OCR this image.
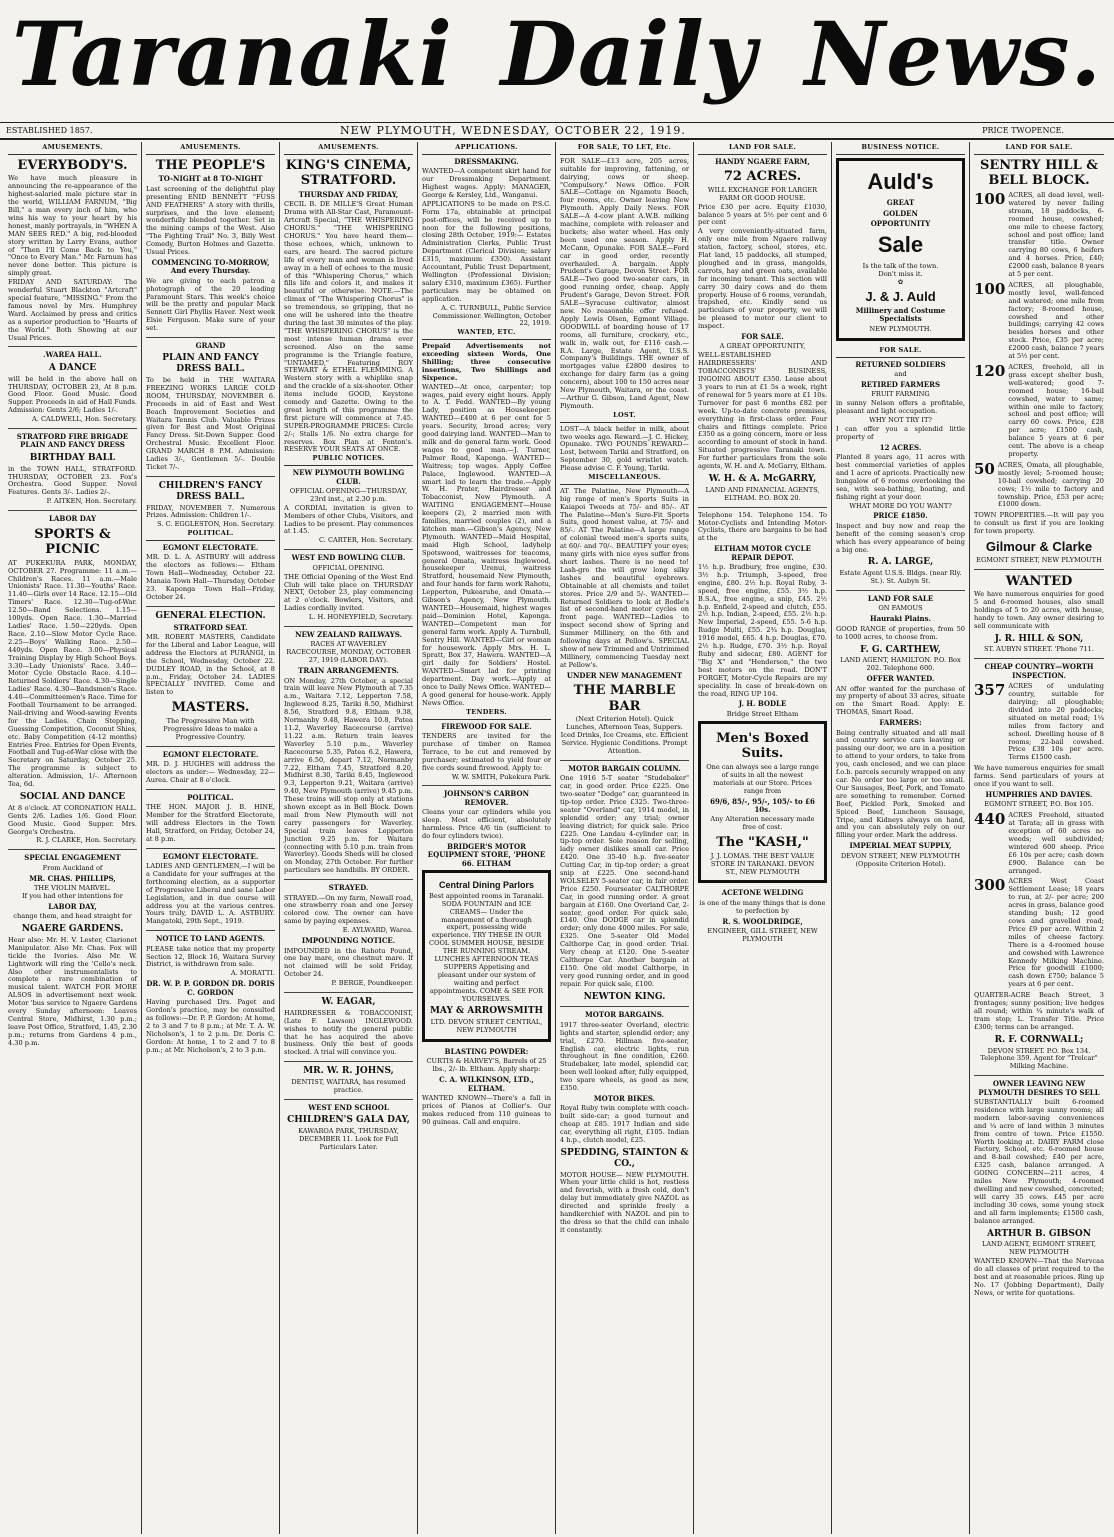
Taranaki Daily News.
ESTABLISHED 1857.	NEW PLYMOUTH, WEDNESDAY, OCTOBER 22, 1919.	PRICE TWOPENCE.
AMUSEMENTS.
EVERYBODY'S.
We have much pleasure in announcing the re-appearance of the highest-salaried male picture star in the world, WILLIAM FARNUM, "Big Bill," a man every inch of him, who wins his way to your heart by his honest, manly portrayals, in "WHEN A MAN SEES RED." A big, red-blooded story written by Larry Evans, author of "Then I'll Come Back to You," "Once to Every Man." Mr. Farnum has never done better. This picture is simply great.
FRIDAY AND SATURDAY: The wonderful Stuart Blackton "Artcraft" special feature, "MISSING." From the famous novel by Mrs. Humphrey Ward. Acclaimed by press and critics as a superior production to "Hearts of the World." Both Showing at our Usual Prices.
.WAREA HALL.
A DANCE
will be held in the above hall on THURSDAY, OCTOBER 23, At 8 p.m. Good Floor. Good Music. Good Supper. Proceeds in aid of Hall Funds. Admission: Gents 2/6; Ladies 1/-.
A. CALDWELL, Hon. Secretary.
STRATFORD FIRE BRIGADE PLAIN AND FANCY DRESS
BIRTHDAY BALL
in the TOWN HALL, STRATFORD. THURSDAY, OCTOBER 23. Fox's Orchestra. Good Supper. Novel Features. Gents 3/-. Ladies 2/-.
P. AITKEN, Hon. Secretary.
LABOR DAY
SPORTS & PICNIC
AT PUKEKURA PARK, MONDAY, OCTOBER 27. Programme: 11 a.m.—Children's Races. 11 a.m.—Male Unionists' Race. 11.30—Youths' Race. 11.40—Girls over 14 Race. 12.15—Old Timers' Race. 12.30—Tug-of-War. 12.50—Band Selections. 1.15—100yds. Open Race. 1.30—Married Ladies' Race. 1.50—220yds. Open Race. 2.10—Slow Motor Cycle Race. 2.25—Boys' Walking Race. 2.50—440yds. Open Race. 3.00—Physical Training Display by High School Boys. 3.30—Lady Unionists' Race. 3.40—Motor Cycle Obstacle Race. 4.10—Returned Soldiers' Race. 4.30—Single Ladies' Race. 4.30—Bandsmen's Race. 4.40—Committeemen's Race. Time for Football Tournament to be arranged. Nail-driving and Wood-sawing Events for the Ladies. Chain Stepping, Guessing Competition, Coconut Shies, etc. Baby Competition (4-12 months) Entries Free. Entries for Open Events, Football and Tug-of-War close with the Secretary on Saturday, October 25. The programme is subject to alteration. Admission, 1/-. Afternoon Tea, 6d.
SOCIAL AND DANCE
At 8 o'clock. AT CORONATION HALL. Gents 2/6. Ladies 1/6. Good Floor. Good Music. Good Supper. Mrs. George's Orchestra.
R. J. CLARKE, Hon. Secretary.
SPECIAL ENGAGEMENT
From Auckland of
MR. CHAS. PHILLIPS,
THE VIOLIN MARVEL.
If you had other intentions for
LABOR DAY,
change them, and head straight for
NGAERE GARDENS.
Hear also: Mr. H. V. Lester, Clarionet Manipulator. Also Mr. Chas. Fox will tickle the Ivories. Also Mr. W. Lightwork will ring the 'Cello's neck. Also other instrumentalists to complete a rare combination of musical talent. WATCH FOR MORE ALSOS in advertisement next week. Motor 'bus service to Ngaere Gardens every Sunday afternoon: Leaves Central Store, Midhirst, 1.30 p.m.; leave Post Office, Stratford, 1.45, 2.30 p.m.; returns from Gardens 4 p.m., 4.30 p.m.
AMUSEMENTS.
THE PEOPLE'S
TO-NIGHT at 8 TO-NIGHT
Last screening of the delightful play presenting ENID BENNETT "FUSS AND FEATHERS" A story with thrills, surprises, and the love element; wonderfully blended together. Set in the mining camps of the West. Also "The Fighting Trail" No. 3, Billy West Comedy, Burton Holmes and Gazette. Usual Prices.
COMMENCING TO-MORROW, And every Thursday.
We are giving to each patron a photograph of the 20 leading Paramount Stars. This week's choice will be the pretty and popular Mack Sennett Girl Phyllis Haver. Next week Elsie Ferguson. Make sure of your set.
GRAND
PLAIN AND FANCY DRESS BALL.
To be held in THE WAITARA FREEZING WORKS LARGE COLD ROOM, THURSDAY, NOVEMBER 6. Proceeds in aid of East and West Beach Improvement Societies and Waitara Tennis Club. Valuable Prizes given for Best and Most Original Fancy Dress. Sit-Down Supper. Good Orchestral Music. Excellent Floor. GRAND MARCH 8 P.M. Admission: Ladies 3/-, Gentlemen 5/-. Double Ticket 7/-.
CHILDREN'S FANCY DRESS BALL.
FRIDAY, NOVEMBER 7. Numerous Prizes. Admission: Children 1/-.
S. C. EGGLESTON, Hon. Secretary.
POLITICAL.
EGMONT ELECTORATE.
MR. D. L. A. ASTBURY will address the electors as follows:— Eltham Town Hall—Wednesday, October 22. Manaia Town Hall—Thursday, October 23. Kaponga Town Hall—Friday, October 24.
GENERAL ELECTION.
STRATFORD SEAT.
MR. ROBERT MASTERS, Candidate for the Liberal and Labor League, will address the Electors at PURANGI, in the School, Wednesday, October 22. DUDLEY ROAD, in the School, at 8 p.m., Friday, October 24. LADIES SPECIALLY INVITED. Come and listen to
MASTERS.
The Progressive Man with Progressive Ideas to make a Progressive Country.
EGMONT ELECTORATE.
MR. D. J. HUGHES will address the electors as under:— Wednesday, 22—Aurea. Chair at 8 o'clock.
POLITICAL.
THE HON. MAJOR J. B. HINE, Member for the Stratford Electorate, will address Electors in the Town Hall, Stratford, on Friday, October 24, at 8 p.m.
EGMONT ELECTORATE.
LADIES AND GENTLEMEN,—I will be a Candidate for your suffrages at the forthcoming election, as a supporter of Progressive Liberal and sane Labor Legislation, and in due course will address you at the various centres. Yours truly, DAVID L. A. ASTBURY. Mangatoki, 29th Sept., 1919.
NOTICE TO LAND AGENTS.
PLEASE take notice that my property Section 12, Block 16, Waitara Survey District, is withdrawn from sale.
A. MORATTI.
DR. W. P. P. GORDON DR. DORIS C. GORDON
Having purchased Drs. Paget and Gordon's practice, may be consulted as follows:—Dr. P. P. Gordon: At home, 2 to 3 and 7 to 8 p.m.; at Mr. T. A. W. Nicholson's, 1 to 2 p.m. Dr. Doris C. Gordon: At home, 1 to 2 and 7 to 8 p.m.; at Mr. Nicholson's, 2 to 3 p.m.
AMUSEMENTS.
KING'S CINEMA, STRATFORD.
THURSDAY AND FRIDAY,
CECIL B. DE MILLE'S Great Human Drama with All-Star Cast, Paramount-Artcraft Special, "THE WHISPERING CHORUS." "THE WHISPERING CHORUS." You have heard them—those echoes, which, unknown to ears, are heard. The sacred picture life of every man and woman is lived away in a hell of echoes to the music of this "Whispering Chorus," which fills life and colors it, and makes it beautiful or otherwise. NOTE.—The climax of "The Whispering Chorus" is so tremendous, so gripping, that no one will be ushered into the theatre during the last 30 minutes of the play. "THE WHISPERING CHORUS" is the most intense human drama ever screened. Also on the same programme is the Triangle feature, "UNTAMED," Featuring ROY STEWART & ETHEL FLEMMING. A Western story with a whiplike snap and the crackle of a six-shooter. Other items include GOOD, Keystone comedy and Gazette. Owing to the great length of this programme the first picture will commence at 7.45. SUPER-PROGRAMME PRICES: Circle 2/-; Stalls 1/6. No extra charge for reserves. Box Plan at Fenton's. RESERVE YOUR SEATS AT ONCE.
PUBLIC NOTICES.
NEW PLYMOUTH BOWLING CLUB.
OFFICIAL OPENING—THURSDAY, 23rd inst., at 2.30 p.m.
A CORDIAL invitation is given to Members of other Clubs, Visitors, and Ladies to be present. Play commences at 1.45.
C. CARTER, Hon. Secretary.
WEST END BOWLING CLUB.
OFFICIAL OPENING.
THE Official Opening of the West End Club will take place on THURSDAY NEXT, October 23, play commencing at 2 o'clock. Bowlers, Visitors, and Ladies cordially invited.
L. H. HONEYFIELD, Secretary.
NEW ZEALAND RAILWAYS.
RACES AT WAVERLEY RACECOURSE, MONDAY, OCTOBER 27, 1919 (LABOR DAY).
TRAIN ARRANGEMENTS.
ON Monday, 27th October, a special train will leave New Plymouth at 7.35 a.m., Waitara 7.12, Lepperton 7.58, Inglewood 8.25, Tariki 8.50, Midhirst 8.56, Stratford 9.8, Eltham 9.38, Normanby 9.48, Hawera 10.8, Patea 11.2, Waverley Racecourse (arrive) 11.22 a.m. Return train leaves Waverley 5.10 p.m., Waverley Racecourse 5.35, Patea 6.2, Hawera, arrive 6.50, depart 7.12, Normanby 7.22, Eltham 7.45, Stratford 8.20, Midhirst 8.30, Tariki 8.45, Inglewood 9.3, Lepperton 9.21, Waitara (arrive) 9.40, New Plymouth (arrive) 9.45 p.m. These trains will stop only at stations shown except as in Bell Block. Down mail from New Plymouth will not carry passengers for Waverley. Special train leaves Lepperton Junction 9.25 p.m. for Waitara (connecting with 5.10 p.m. train from Waverley). Goods Sheds will be closed on Monday, 27th October. For further particulars see handbills. BY ORDER.
STRAYED.
STRAYED.—On my farm, Newall road, one strawberry roan and one Jersey colored cow. The owner can have same by paying expenses.
E. AYLWARD, Warea.
IMPOUNDING NOTICE.
IMPOUNDED in the Rahotu Pound, one bay mare, one chestnut mare. If not claimed will be sold Friday, October 24.
P. BERGE, Poundkeeper.
W. EAGAR,
HAIRDRESSER & TOBACCONIST, (Late F. Lawson) INGLEWOOD. wishes to notify the general public that he has acquired the above business. Only the best of goods stocked. A trial will convince you.
MR. W. R. JOHNS,
DENTIST, WAITARA, has resumed practice.
WEST END SCHOOL
CHILDREN'S GALA DAY,
KAWAROA PARK, THURSDAY, DECEMBER 11. Look for Full Particulars Later.
APPLICATIONS.
DRESSMAKING.
WANTED—A competent skirt hand for our Dressmaking Department. Highest wages. Apply: MANAGER, George & Kersley, Ltd., Wanganui.
APPLICATIONS to be made on P.S.C. Form 17a, obtainable at principal post-offices, will be received up to noon for the following positions, closing 28th October, 1919:— Estates Administration Clerks, Public Trust Department (Clerical Division; salary £315, maximum £350). Assistant Accountant, Public Trust Department, Wellington (Professional Division; salary £310, maximum £365). Further particulars may be obtained on application.
A. C. TURNBULL, Public Service Commissioner. Wellington, October 22, 1919.
WANTED, ETC.
Prepaid Advertisements not exceeding sixteen Words, One Shilling; three consecutive insertions, Two Shillings and Sixpence.
WANTED—At once, carpenter; top wages, paid every eight hours. Apply to A. T. Fedd. WANTED—By young Lady, position as Housekeeper. WANTED—£400 at 6 per cent for 5 years. Security, broad acres; very good dairying land. WANTED—Man to milk and do general farm work. Good wages to good man.—J. Turner, Palmer Road, Kaponga. WANTED—Waitress; top wages. Apply Coffee Palace, Inglewood. WANTED—A smart lad to learn the trade.—Apply W. H. Prater, Hairdresser and Tobacconist, New Plymouth. A WAITING ENGAGEMENT—House keepers (2), 2 married men with families, married couples (2), and a kitchen man.—Gibson's Agency, New Plymouth. WANTED—Maid Hospital, maid High School, ladyhelp Spotswood, waitresses for teacoms, general Omata, waitress Inglewood, housekeeper Urenui, waitress Stratford, housemaid New Plymouth, and four hands for farm work Rahotu, Lepperton, Pukearuhe, and Omata.—Gibson's Agency, New Plymouth. WANTED—Housemaid, highest wages paid—Dominion Hotel, Kaponga. WANTED—Competent man for general farm work. Apply A. Turnbull, Sentry Hill. WANTED—Girl or woman for housework. Apply Mrs. H. L. Spratt, Box 37, Hawera. WANTED—A girl daily for Soldiers' Hostel. WANTED—Smart lad for printing department. Day work.—Apply at once to Daily News Office. WANTED—A good general for house-work. Apply News Office.
TENDERS.
FIREWOOD FOR SALE.
TENDERS are invited for the purchase of timber on Ramea Terrace, to be cut and removed by purchaser; estimated to yield four or five cords sound firewood. Apply to:
W. W. SMITH, Pukekura Park.
JOHNSON'S CARBON REMOVER.
Cleans your car cylinders while you sleep. Most efficient, absolutely harmless. Price 4/6 tin (sufficient to do four cylinders twice).
BRIDGER'S MOTOR EQUIPMENT STORE, 'PHONE 66. ELTHAM
Central Dining Parlors
Best appointed rooms in Taranaki. SODA FOUNTAIN and ICE CREAMS— Under the management of a thorough expert, possessing wide experience. TRY THESE IN OUR COOL SUMMER HOUSE, BESIDE THE RUNNING STREAM. LUNCHES AFTERNOON TEAS SUPPERS Appetising and pleasant under our system of waiting and perfect appointments. COME & SEE FOR YOURSELVES.
MAY & ARROWSMITH
LTD. DEVON STREET CENTRAL, NEW PLYMOUTH
BLASTING POWDER:
CURTIS & HARVEY'S, Barrels of 25 lbs., 2/- lb. Eltham. Apply sharp:
C. A. WILKINSON, LTD., ELTHAM.
WANTED KNOWN—There's a fall in prices of Pianos at Collier's. Our makes reduced from 110 guineas to 90 guineas. Call and enquire.
FOR SALE, TO LET, Etc.
FOR SALE—£13 acre, 205 acres, suitable for improving, fattening, or dairying, cows or sheep. "Compulsory." News Office. FOR SALE—Cottage on Ngamotu Beach, four rooms, etc. Owner leaving New Plymouth. Apply Daily News. FOR SALE—A 4-cow plant A.W.B. milking machine, complete with releaser and buckets; also water wheel. Has only been used one season. Apply H. McCann, Opunake. FOR SALE—Ford car in good order, recently overhauled. A bargain. Apply Prudent's Garage, Devon Street. FOR SALE—Two good two-seater cars, in good running order, cheap. Apply Prudent's Garage, Devon Street. FOR SALE—Syracuse cultivator, almost new. No reasonable offer refused. Apply Lewis Olsen, Egmont Village. GOODWILL of boarding house of 17 rooms, all furniture, crockery, etc., walk in, walk out, for £116 cash.—R.A. Large, Estate Agent, U.S.S. Company's Buildings. THE owner of mortgages value £2800 desires to exchange for dairy farm (as a going concern), about 100 to 150 acres near New Plymouth, Waitara, or the coast.—Arthur G. Gibson, Land Agent, New Plymouth.
LOST.
LOST—A black heifer in milk, about two weeks ago. Reward.—J. C. Hickey, Opunake. TWO POUNDS REWARD—Lost, between Tariki and Stratford, on September 30, gold wristlet watch. Please advise C. F. Young, Tariki.
MISCELLANEOUS.
AT The Palatine, New Plymouth—A big range of men's Sports Suits in Kaiapoi Tweeds at 75/- and 85/-. AT The Palatine—Men's Sure-Fit Sports Suits, good honest value, at 75/- and 85/-. AT The Palatine—A large range of colonial tweed men's sports suits, at 60/- and 70/-. BEAUTIFY your eyes; many girls with nice eyes suffer from short lashes. There is no need to! Lash-gro the will grow long silky lashes and beautiful eyebrows. Obtainable at all chemists and toilet stores. Price 2/9 and 5/-. WANTED—Returned Soldiers to look at Bodle's list of second-hand motor cycles on front page. WANTED—Ladies to inspect second show of Spring and Summer Millinery, on the 6th and following days at Pellow's. SPECIAL show of new Trimmed and Untrimmed Millinery, commencing Tuesday next at Pellow's.
UNDER NEW MANAGEMENT
THE MARBLE BAR
(Next Criterion Hotel). Quick Lunches, Afternoon Teas, Suppers. Iced Drinks, Ice Creams, etc. Efficient Service. Hygienic Conditions. Prompt Attention.
MOTOR BARGAIN COLUMN.
One 1916 5-T seater "Studebaker" car, in good order. Price £225. One two-seater "Dodge" car, guaranteed in tip-top order. Price £325. Two-three-seater "Overland" car, 1914 model, in splendid order; any trial; owner leaving district; for quick sale. Price £225. One Landau 4-cylinder car, in tip-top order. Sole reason for selling, lady owner dislikes small car. Price £420. One 35-40 h.p. five-seater Cutting Car, in tip-top order; a great snip at £225. One second-hand WOLSELEY 5-seater car, in fair order. Price £250. Fourseater CALTHORPE Car, in good running order. A great bargain at £160. One Overland Car, 2-seater, good order. For quick sale, £140. One DODGE car in splendid order; only done 4000 miles. For sale, £325. One 5-seater Old Model Calthorpe Car, in good order. Trial. Very cheap at £120. One 5-seater Calthorpe Car. Another bargain at £150. One old model Calthorpe, in very good running order, and in good repair. For quick sale, £100.
NEWTON KING.
MOTOR BARGAINS.
1917 three-seater Overland, electric lights and starter, splendid order; any trial, £270. Hillman five-seater, English car, electric lights, run throughout in fine condition, £260. Studebaker, late model, splendid car, been well looked after, fully equipped, two spare wheels, as good as new, £350.
MOTOR BIKES.
Royal Ruby twin complete with coach-built side-car; a good turnout and cheap at £85. 1917 Indian and side car, everything all right, £105. Indian 4 h.p., clutch model, £25.
SPEDDING, STAINTON & CO.,
MOTOR HOUSE— NEW PLYMOUTH. When your little child is hot, restless and feverish, with a fresh cold, don't delay but immediately give NAZOL as directed and sprinkle freely a handkerchief with NAZOL and pin to the dress so that the child can inhale it constantly.
LAND FOR SALE.
HANDY NGAERE FARM,
72 ACRES.
WILL EXCHANGE FOR LARGER FARM OR GOOD HOUSE.
Price £30 per acre. Equity £1030, balance 5 years at 5½ per cent and 6 per cent
A very conveniently-situated farm, only one mile from Ngaere railway station, factory, school, stores, etc. Flat land, 15 paddocks, all stumped, ploughed and in grass, mangolds, carrots, hay and green oats, available for incoming tenant. This section will carry 30 dairy cows and do them properly. House of 6 rooms, verandah, trapshed, etc. Kindly send us particulars of your property, we will be pleased to motor our client to inspect.
FOR SALE.
A GREAT OPPORTUNITY,
WELL-ESTABLISHED HAIRDRESSERS' AND TOBACCONISTS' BUSINESS, INGOING ABOUT £350. Lease about 3 years to run at £1 5s a week, right of renewal for 5 years more at £1 10s. Turnover for past 6 months £82 per week. Up-to-date concrete premises, everything in first-class order. Four chairs and fittings complete. Price £350 as a going concern, more or less according to amount of stock in hand. Situated progressive Taranaki town. For further particulars from the sole agents, W. H. and A. McGarry, Eltham.
W. H. & A. McGARRY,
LAND AND FINANCIAL AGENTS, ELTHAM. P.O. BOX 20.
Telephone 154. Telephone 154. To Motor-Cyclists and Intending Motor-Cyclists, there are bargains to be had at the
ELTHAM MOTOR CYCLE REPAIR DEPOT.
1½ h.p. Bradbury, free engine, £30. 3½ h.p. Triumph, 3-speed, free engine, £80. 2½ h.p. Royal Ruby, 3-speed, free engine, £55. 3½ h.p. B.S.A., free engine, a snip, £45. 2½ h.p. Enfield, 2-speed and clutch, £55. 2½ h.p. Indian, 2-speed, £55. 2½ h.p. New Imperial, 2-speed, £55. 5-6 h.p. Rudge Multi, £55. 2¾ h.p. Douglas, 1916 model, £65. 4 h.p. Douglas, £70. 2½ h.p. Rudge, £70. 3½ h.p. Royal Ruby and sidecar, £80. AGENT for "Big X" and "Henderson," the two best motors on the road. DON'T FORGET, Motor-Cycle Repairs are my speciality. In case of break-down on the road, RING UP 104.
J. H. BODLE
Bridge Street Eltham
Men's Boxed Suits.
One can always see a large range of suits in all the newest materials at our Store. Prices range from
69/6, 85/-, 95/-, 105/- to £6 10s.
Any Alteration necessary made free of cost.
The "KASH,"
J. J. LOMAS. THE BEST VALUE STORE IN TARANAKI. DEVON ST., NEW PLYMOUTH
ACETONE WELDING
is one of the many things that is done to perfection by
R. S. WOOLDRIDGE,
ENGINEER, GILL STREET, NEW PLYMOUTH
BUSINESS NOTICE.
Auld's
GREAT
GOLDEN
OPPORTUNITY
Sale
Is the talk of the town.
Don't miss it.
✿
J. & J. Auld
Millinery and Costume Specialists
NEW PLYMOUTH.
FOR SALE.
RETURNED SOLDIERS
and
RETIRED FARMERS
FRUIT FARMING
in sunny Nelson offers a profitable, pleasant and light occupation.
WHY NOT TRY IT?
I can offer you a splendid little property of
12 ACRES.
Planted 8 years ago, 11 acres with best commercial varieties of apples and 1 acre of apricots. Practically new bungalow of 6 rooms overlooking the sea, with sea-bathing, boating, and fishing right at your door.
WHAT MORE DO YOU WANT?
PRICE £1850.
Inspect and buy now and reap the benefit of the coming season's crop which has every appearance of being a big one.
R. A. LARGE,
Estate Agent U.S.S. Bldgs. (near Rly. St.). St. Aubyn St.
LAND FOR SALE
ON FAMOUS
Hauraki Plains.
GOOD RANGE of properties, from 50 to 1000 acres, to choose from.
F. G. CARTHEW,
LAND AGENT, HAMILTON. P.O. Box 202. Telephone 600.
OFFER WANTED.
AN offer wanted for the purchase of my property of about 33 acres, situate on the Smart Road. Apply: E. THOMAS, Smart Road.
FARMERS:
Being centrally situated and all mail and country service cars leaving or passing our door, we are in a position to attend to your orders, to take from you, cash enclosed, and we can place f.o.b. parcels securely wrapped on any car. No order too large or too small. Our Sausages, Beef, Pork, and Tomato are something to remember. Corned Beef, Pickled Pork, Smoked and Spiced Beef, Luncheon Sausage, Tripe, and Kidneys always on hand, and you can absolutely rely on our filling your order. Mark the address.
IMPERIAL MEAT SUPPLY,
DEVON STREET, NEW PLYMOUTH (Opposite Criterion Hotel).
LAND FOR SALE.
SENTRY HILL & BELL BLOCK.
100 ACRES, all dead level, well-watered by never failing stream, 18 paddocks, 6-roomed house, cowshed; one mile to cheese factory, school and post office; land transfer title. Owner carrying 80 cows, 6 heifers and 4 horses. Price, £40; £2000 cash, balance 8 years at 5 per cent.
100 ACRES, all ploughable, mostly level, well-fenced and watered; one mile from factory; 8-roomed house, cowshed and other buildings; carrying 42 cows besides horses and other stock. Price, £35 per acre; £2000 cash, balance 7 years at 5½ per cent.
120 ACRES, freehold, all in grass except shelter bush, well-watered; good 7-roomed house; 16-bail cowshed, water to same; within one mile to factory, school and post office; will carry 60 cows. Price, £28 per acre; £1500 cash, balance 5 years at 6 per cent. The above is a cheap property.
50 ACRES, Omata, all ploughable, mostly level; 5-roomed house; 10-bail cowshed; carrying 20 cows; 1½ mile to factory and township. Price, £53 per acre; £1000 down.
TOWN PROPERTIES.—It will pay you to consult us first if you are looking for town property.
Gilmour & Clarke
EGMONT STREET, NEW PLYMOUTH
WANTED
We have numerous enquiries for good 5 and 6-roomed houses, also small holdings of 5 to 20 acres, with house, handy to town. Any owner desiring to sell communicate with
J. R. HILL & SON,
ST. AUBYN STREET. 'Phone 711.
CHEAP COUNTRY—WORTH INSPECTION.
357 ACRES of undulating country, suitable for dairying; all ploughable; divided into 20 paddocks; situated on metal road; 1¼ miles from factory and school. Dwelling house of 8 rooms; 22-bail cowshed. Price £38 10s per acre. Terms £1500 cash.
We have numerous enquiries for small farms. Send particulars of yours at once if you want to sell.
HUMPHRIES AND DAVIES.
EGMONT STREET, P.O. Box 105.
440 ACRES Freehold, situated at Tarata; all in grass with exception of 60 acres no weeds; well subdivided; wintered 600 sheep. Price £6 10s per acre; cash down £900. Balance can be arranged.
300 ACRES West Coast Settlement Lease; 18 years to run, at 2/- per acre; 200 acres in grass, balance good standing bush; 12 good cows and gravelled road; Price £9 per acre. Within 2 miles of cheese factory. There is a 4-roomed house and cowshed with Lawrence Kennedy Milking Machine. Price for goodwill £1000; cash down £750; balance 5 years at 6 per cent.
QUARTER-ACRE Beach Street, 3 frontages; sunny position; live hedges all round; within ¼ minute's walk of tram stop; L. Transfer Title. Price £300; terms can be arranged.
R. F. CORNWALL;
DEVON STREET. P.O. Box 134. Telephone 359. Agent for "Trelcar" Milking Machine.
OWNER LEAVING NEW PLYMOUTH DESIRES TO SELL
SUBSTANTIALLY built 6-roomed residence with large sunny rooms; all modern labor-saving conveniences and ¼ acre of land within 3 minutes from centre of town. Price £1550. Worth looking at. DAIRY FARM close Factory, School, etc. 6-roomed house and 8-bail cowshed; £40 per acre, £325 cash, balance arranged. A GOING CONCERN—211 acres, 4 miles New Plymouth; 4-roomed dwelling and new cowshed, concreted; will carry 35 cows. £45 per acre including 30 cows, some young stock and all farm implements; £1500 cash, balance arranged.
ARTHUR B. GIBSON
LAND AGENT, EGMONT STREET, NEW PLYMOUTH
WANTED KNOWN—That the Nervcaa do all classes of print required to the best and at reasonable prices. Ring up No. 17 (Jobbing Department), Daily News, or write for quotations.
